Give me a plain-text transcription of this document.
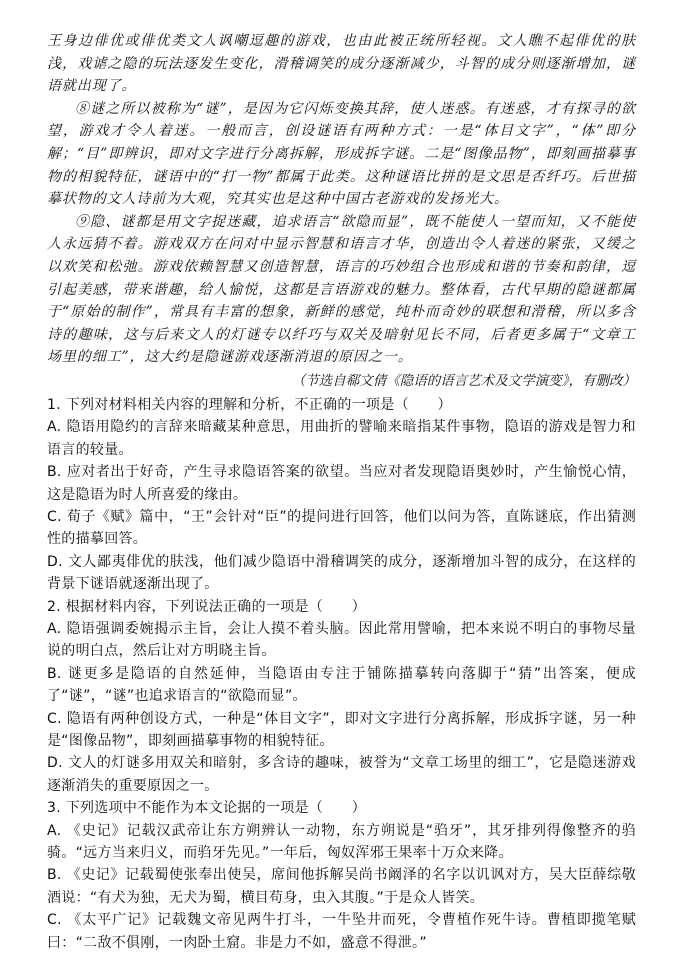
王身边俳优或俳优类文人讽嘲逗趣的游戏，也由此被正统所轻视。文人瞧不起俳优的肤浅，戏谑之隐的玩法逐发生变化，滑稽调笑的成分逐渐减少，斗智的成分则逐渐增加，谜语就出现了。

⑧谜之所以被称为“谜”，是因为它闪烁变换其辞，使人迷惑。有迷惑，才有探寻的欲望，游戏才令人着迷。一般而言，创设谜语有两种方式：一是“体目文字”，“体”即分解；“目”即辨识，即对文字进行分离拆解，形成拆字谜。二是“图像品物”，即刻画描摹事物的相貌特征，谜语中的“打一物”都属于此类。这种谜语比拼的是文思是否纤巧。后世描摹状物的文人诗前为大观，究其实也是这种中国古老游戏的发扬光大。

⑨隐、谜都是用文字捉迷藏，追求语言“欲隐而显”，既不能使人一望而知，又不能使人永远猜不着。游戏双方在问对中显示智慧和语言才华，创造出令人着迷的紧张，又缓之以欢笑和松弛。游戏依赖智慧又创造智慧，语言的巧妙组合也形成和谐的节奏和韵律，逗引起美感，带来谐趣，给人愉悦，这都是言语游戏的魅力。整体看，古代早期的隐谜都属于“原始的制作”，常具有丰富的想象，新鲜的感觉，纯朴而奇妙的联想和滑稽，所以多含诗的趣味，这与后来文人的灯谜专以纤巧与双关及暗射见长不同，后者更多属于“文章工场里的细工”，这大约是隐谜游戏逐渐消退的原因之一。

（节选自郗文倩《隐语的语言艺术及文学演变》，有删改）

1. 下列对材料相关内容的理解和分析，不正确的一项是（　　）

A. 隐语用隐约的言辞来暗藏某种意思，用曲折的譬喻来暗指某件事物，隐语的游戏是智力和语言的较量。

B. 应对者出于好奇，产生寻求隐语答案的欲望。当应对者发现隐语奥妙时，产生愉悦心情，这是隐语为时人所喜爱的缘由。

C. 荀子《赋》篇中，“王”会针对“臣”的提问进行回答，他们以问为答，直陈谜底，作出猜测性的描摹回答。

D. 文人鄙夷俳优的肤浅，他们减少隐语中滑稽调笑的成分，逐渐增加斗智的成分，在这样的背景下谜语就逐渐出现了。

2. 根据材料内容，下列说法正确的一项是（　　）

A. 隐语强调委婉揭示主旨，会让人摸不着头脑。因此常用譬喻，把本来说不明白的事物尽量说的明白点，然后让对方明晓主旨。

B. 谜更多是隐语的自然延伸，当隐语由专注于铺陈描摹转向落脚于“猜”出答案，便成了“谜”，“谜”也追求语言的“欲隐而显”。

C. 隐语有两种创设方式，一种是“体目文字”，即对文字进行分离拆解，形成拆字谜，另一种是“图像品物”，即刻画描摹事物的相貌特征。

D. 文人的灯谜多用双关和暗射，多含诗的趣味，被誉为“文章工场里的细工”，它是隐迷游戏逐渐消失的重要原因之一。

3. 下列选项中不能作为本文论据的一项是（　　）

A. 《史记》记载汉武帝让东方朔辨认一动物，东方朔说是“驺牙”，其牙排列得像整齐的驺骑。“远方当来归义，而驺牙先见。”一年后，匈奴浑邪王果率十万众来降。

B. 《史记》记载蜀使张奉出使吴，席间他拆解吴尚书阚泽的名字以讥讽对方，吴大臣薛综敬酒说：“有犬为独，无犬为蜀，横目苟身，虫入其腹。”于是众人皆笑。

C. 《太平广记》记载魏文帝见两牛打斗，一牛坠井而死，令曹植作死牛诗。曹植即揽笔赋曰：“二敌不俱刚，一肉卧土窟。非是力不如，盛意不得泄。”
